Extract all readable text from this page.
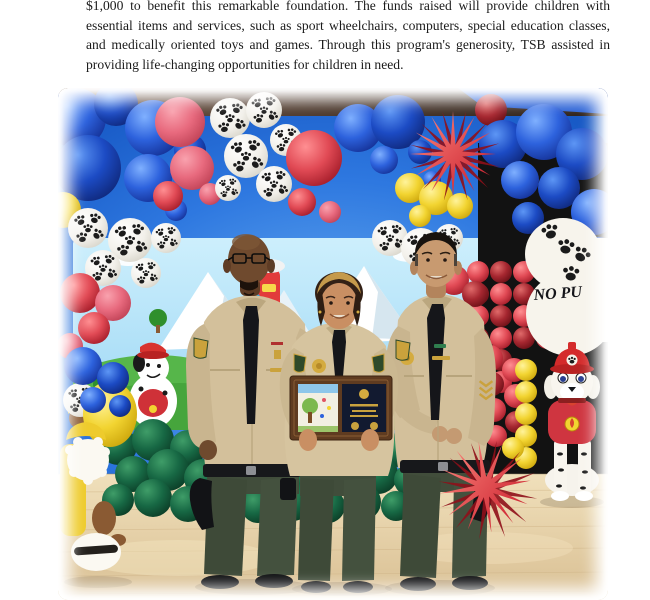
$1,000 to benefit this remarkable foundation. The funds raised will provide children with essential items and services, such as sport wheelchairs, computers, special education classes, and medically oriented toys and games. Through this program's generosity, TSB assisted in providing life-changing opportunities for children in need.

NO PU
